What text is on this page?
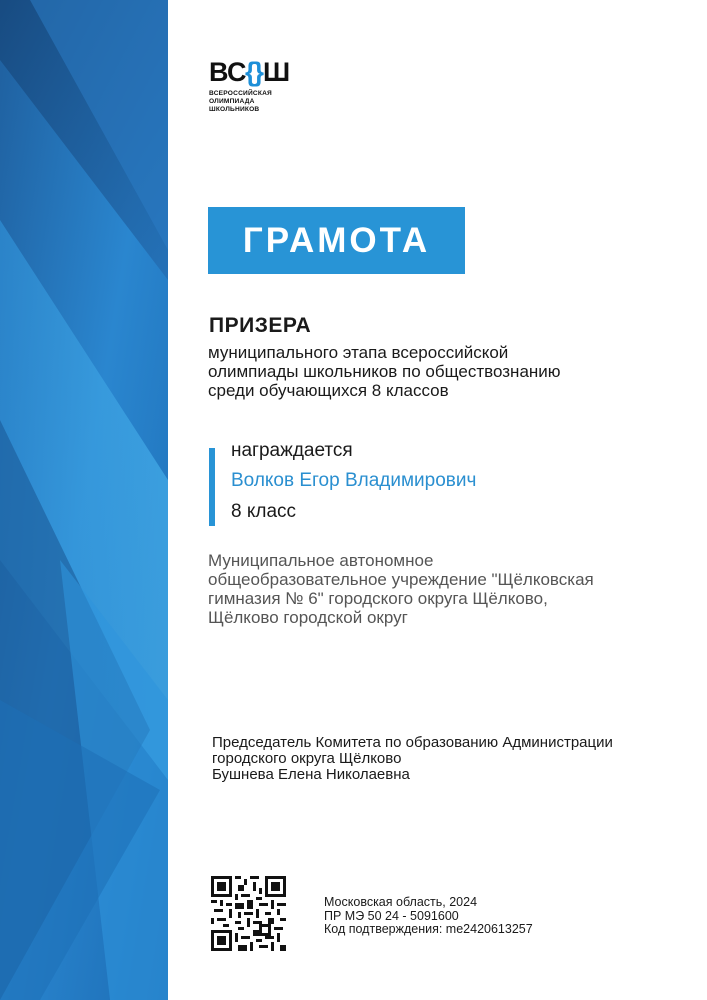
ВС {
} Ш
ВСЕРОССИЙСКАЯ
ОЛИМПИАДА
ШКОЛЬНИКОВ
ГРАМОТА
ПРИЗЕРА
муниципального этапа всероссийской
олимпиады школьников по обществознанию
среди обучающихся 8 классов
награждается
Волков Егор Владимирович
8 класс
Муниципальное автономное
общеобразовательное учреждение "Щёлковская
гимназия № 6" городского округа Щёлково,
Щёлково городской округ
Председатель Комитета по образованию Администрации
городского округа Щёлково
Бушнева Елена Николаевна
Московская область, 2024
ПР МЭ 50 24 - 5091600
Код подтверждения: me2420613257
